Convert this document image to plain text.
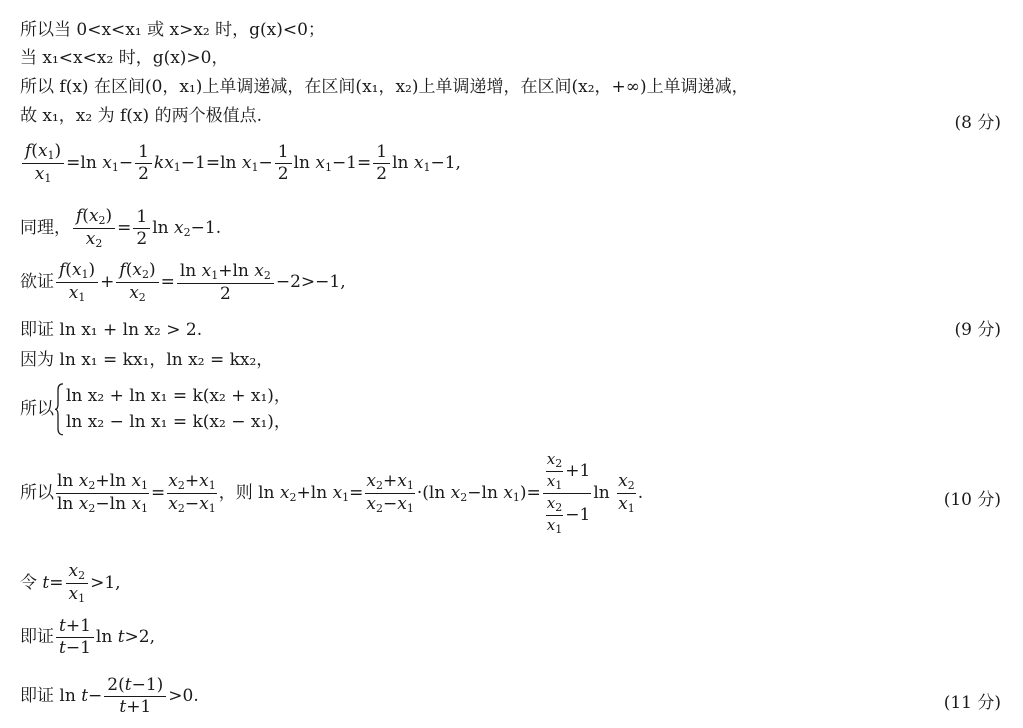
所以当 0<x<x₁ 或 x>x₂ 时，g(x)<0；
当 x₁<x<x₂ 时，g(x)>0，
所以 f(x) 在区间(0，x₁)上单调递减，在区间(x₁，x₂)上单调递增，在区间(x₂，+∞)上单调递减，
故 x₁，x₂ 为 f(x) 的两个极值点.	(8 分)
$\frac{f(x_1)}{x_1} =\ln$ $x_1- \frac{1}{2} kx_1-1=\ln$ $x_1- \frac{1}{2}$ $\ln x_1-1= \frac{1}{2}$ $\ln x_1-1$,
同理， $\frac{f(x_2)}{x_2} = \frac{1}{2}$ $\ln x_2-1$.
欲证 $\frac{f(x_1)}{x_1} + \frac{f(x_2)}{x_2} = \frac{\ln x_1+\ln x_2}{2} -2>-1$,
即证 ln x₁ + ln x₂ > 2.	(9 分)
因为 ln x₁ = kx₁，ln x₂ = kx₂，
所以
ln x₂ + ln x₁ = k(x₂ + x₁)，
ln x₂ − ln x₁ = k(x₂ − x₁)，
所以 $\frac{\ln x_2+\ln x_1}{\ln x_2-\ln x_1} = \frac{x_2+x_1}{x_2-x_1}$ ，则 $\ln x_2+\ln$ $x_1= \frac{x_2+x_1}{x_2-x_1} \cdot(\ln$ $x_2-\ln$ $x_1)= \frac{\frac{x_2}{x_1} +1}{\frac{x_2}{x_1} -1}$ $\ln \frac{x_2}{x_1}$ .	(10 分)
令 $t= \frac{x_2}{x_1} >1$,
即证 $\frac{t+1}{t-1}$ ln t>2,
即证 $\ln t- \frac{2(t-1)}{t+1} >0$.	(11 分)
